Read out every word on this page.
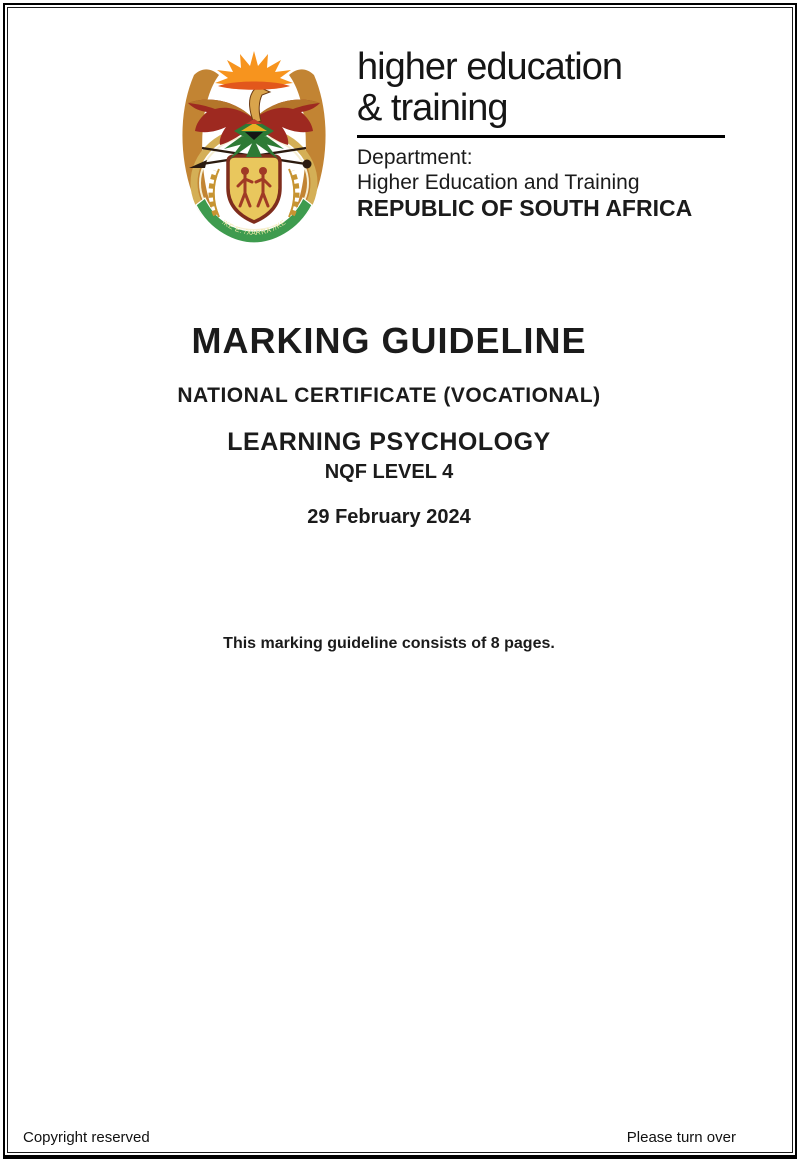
!KE E: /XARRA //KE
higher education
& training
Department:
Higher Education and Training
REPUBLIC OF SOUTH AFRICA
MARKING GUIDELINE
NATIONAL CERTIFICATE (VOCATIONAL)
LEARNING PSYCHOLOGY
NQF LEVEL 4
29 February 2024
This marking guideline consists of 8 pages.
Copyright reserved	Please turn over
